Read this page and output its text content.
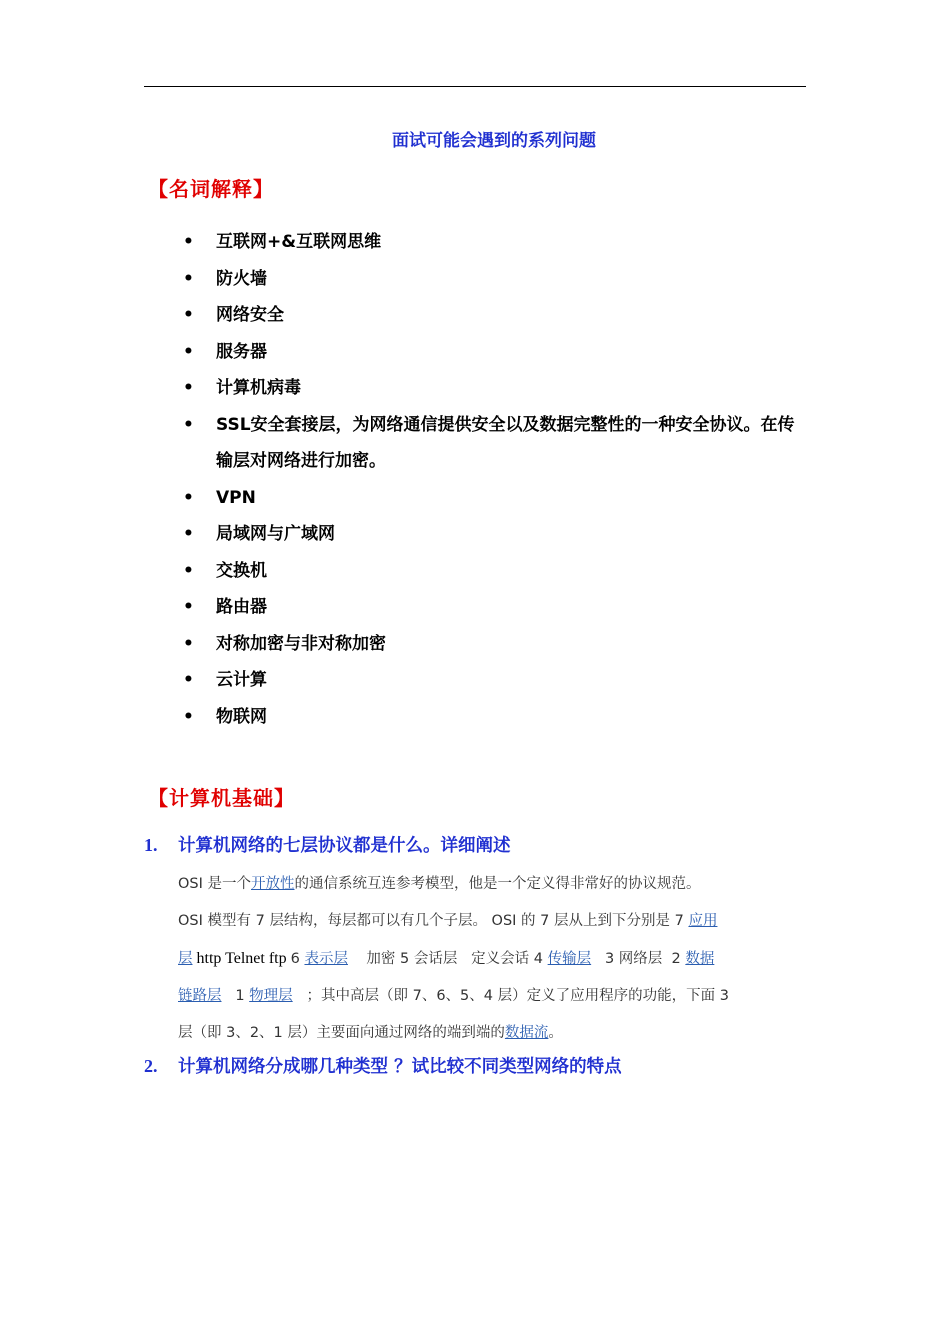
面试可能会遇到的系列问题
【名词解释】
• 互联网+&互联网思维
• 防火墙
• 网络安全
• 服务器
• 计算机病毒
• SSL安全套接层，为网络通信提供安全以及数据完整性的一种安全协议。在传输层对网络进行加密。
• VPN
• 局域网与广域网
• 交换机
• 路由器
• 对称加密与非对称加密
• 云计算
• 物联网
【计算机基础】
1. 计算机网络的七层协议都是什么。详细阐述
OSI 是一个开放性的通信系统互连参考模型，他是一个定义得非常好的协议规范。
OSI 模型有 7 层结构，每层都可以有几个子层。 OSI 的 7 层从上到下分别是 7 应用
层 http Telnet ftp 6 表示层    加密 5 会话层   定义会话 4 传输层   3 网络层  2 数据
链路层   1 物理层   ；其中高层（即 7、6、5、4 层）定义了应用程序的功能，下面 3
层（即 3、2、1 层）主要面向通过网络的端到端的数据流。
2. 计算机网络分成哪几种类型 ？试比较不同类型网络的特点
